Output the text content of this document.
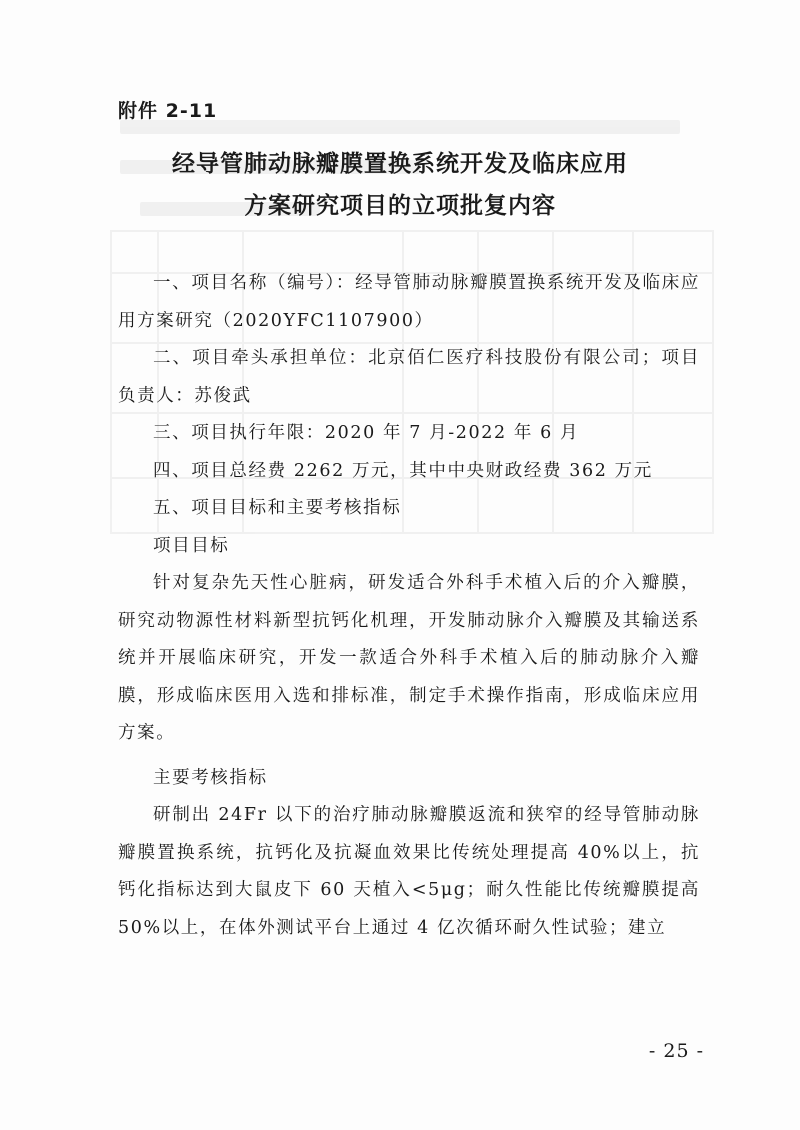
附件 2-11
经导管肺动脉瓣膜置换系统开发及临床应用
方案研究项目的立项批复内容

一、项目名称（编号）：经导管肺动脉瓣膜置换系统开发及临床应用方案研究（2020YFC1107900）

二、项目牵头承担单位：北京佰仁医疗科技股份有限公司；项目负责人：苏俊武

三、项目执行年限：2020 年 7 月-2022 年 6 月

四、项目总经费 2262 万元，其中中央财政经费 362 万元

五、项目目标和主要考核指标

项目目标

针对复杂先天性心脏病，研发适合外科手术植入后的介入瓣膜，研究动物源性材料新型抗钙化机理，开发肺动脉介入瓣膜及其输送系统并开展临床研究，开发一款适合外科手术植入后的肺动脉介入瓣膜，形成临床医用入选和排标准，制定手术操作指南，形成临床应用方案。

主要考核指标

研制出 24Fr 以下的治疗肺动脉瓣膜返流和狭窄的经导管肺动脉瓣膜置换系统，抗钙化及抗凝血效果比传统处理提高 40%以上，抗钙化指标达到大鼠皮下 60 天植入<5μg；耐久性能比传统瓣膜提高 50%以上，在体外测试平台上通过 4 亿次循环耐久性试验；建立

- 25 -
